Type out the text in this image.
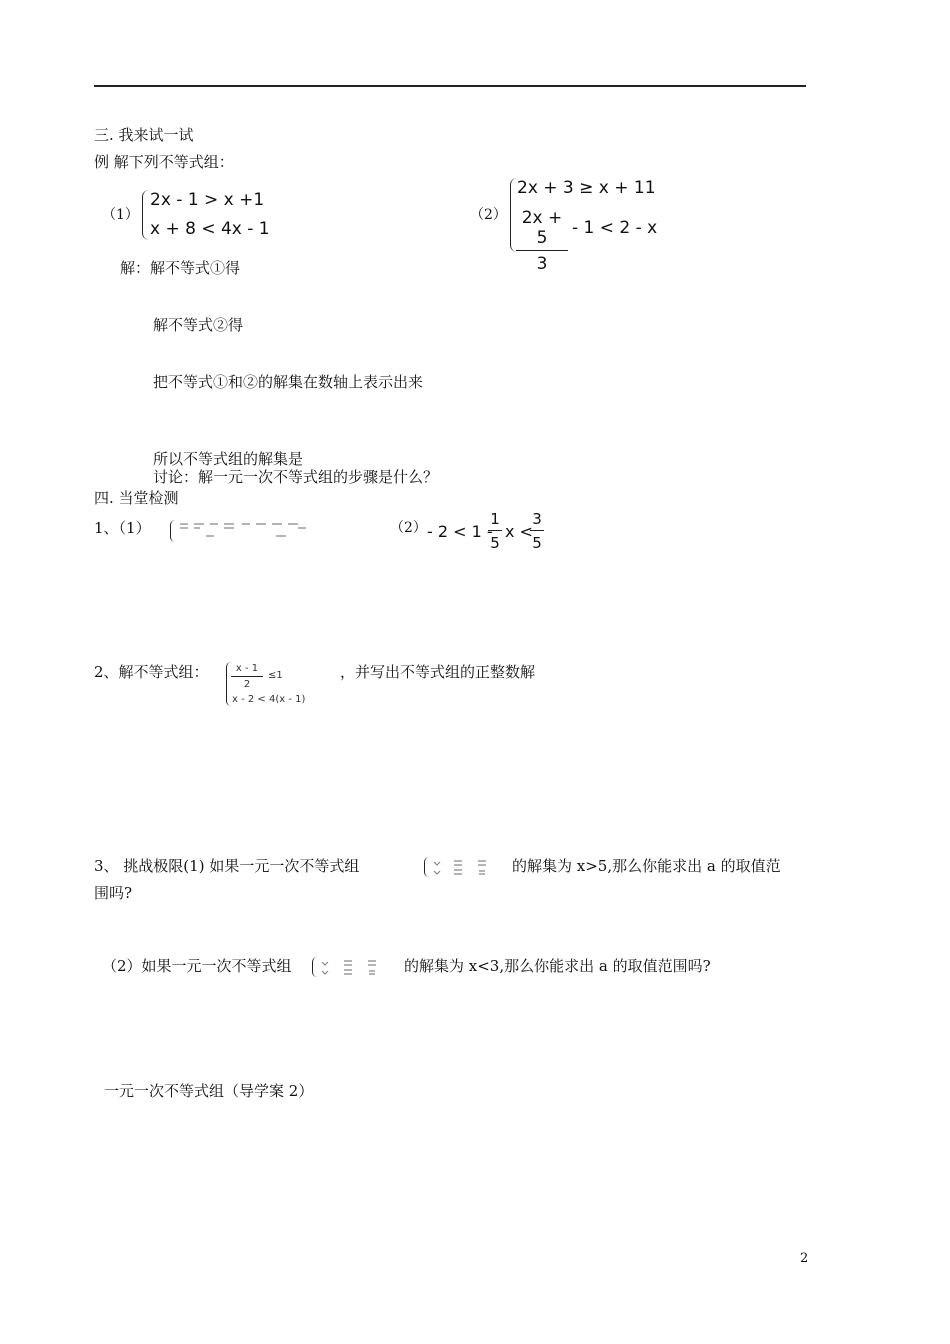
三. 我来试一试
例 解下列不等式组：
（1）
2x - 1 > x +1
x + 8 < 4x - 1
（2）
2x + 3 ≥ x + 11
$\frac{2x + 5}{3} - 1 < 2 - x$
解：解不等式①得
解不等式②得
把不等式①和②的解集在数轴上表示出来
所以不等式组的解集是
讨论：解一元一次不等式组的步骤是什么？
四. 当堂检测
1、（1）	（2） - 2 < 1 -
$\frac{1}{5}$ x <
$\frac{3}{5}$
2、解不等式组： $\frac{x - 1}{2} \le 1$
x - 2 < 4(x - 1)
，并写出不等式组的正整数解
3、 挑战极限(1) 如果一元一次不等式组	的解集为 x>5,那么你能求出 a 的取值范
围吗?
（2）如果一元一次不等式组	的解集为 x<3,那么你能求出 a 的取值范围吗?
一元一次不等式组（导学案 2）
2
